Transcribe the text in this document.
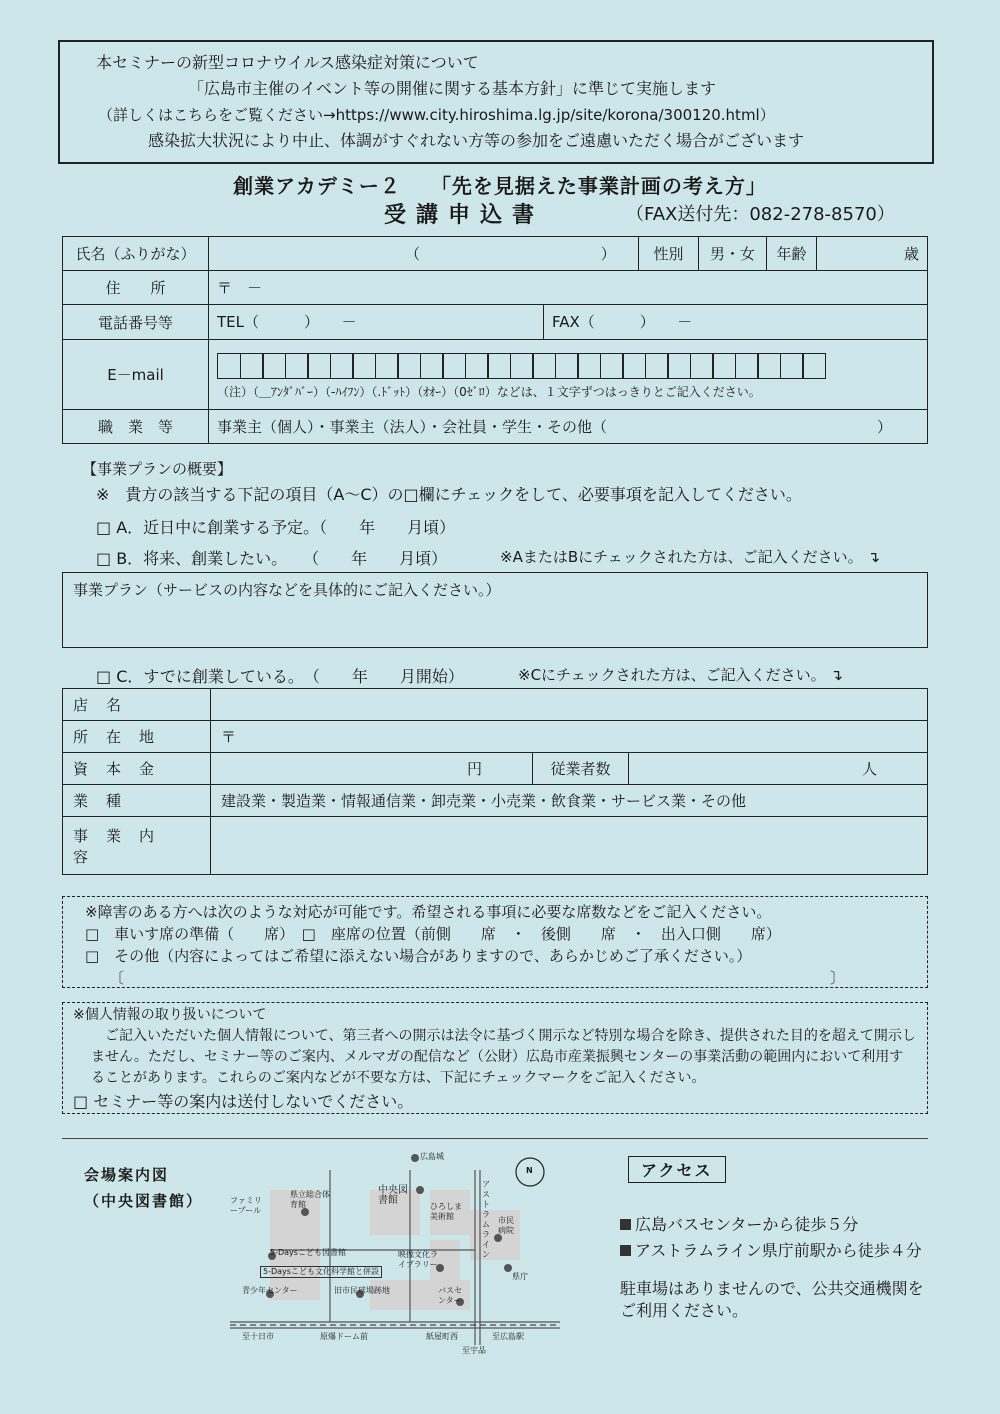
本セミナーの新型コロナウイルス感染症対策について
「広島市主催のイベント等の開催に関する基本方針」に準じて実施します
（詳しくはこちらをご覧ください→https://www.city.hiroshima.lg.jp/site/korona/300120.html）
感染拡大状況により中止、体調がすぐれない方等の参加をご遠慮いただく場合がございます
創業アカデミー２ 「先を見据えた事業計画の考え方」
受講申込書	（FAX送付先：082-278-8570）
氏名（ふりがな）	（ ）	性別	男・女	年齢	歳
住　　所	〒　－				
電話番号等	TEL（　　　）　　－ FAX（　　　）　　－				

E－mail	（注）（＿ｱﾝﾀﾞﾊﾞｰ）（-ﾊｲﾌﾝ）（.ﾄﾞｯﾄ）（ｵｵｰ）（0ｾﾞﾛ）などは、１文字ずつはっきりとご記入ください。				

職　業　等	事業主（個人）・事業主（法人）・会社員・学生・その他（　　　　　　　　　　　　　　　　　　）				
【事業プランの概要】
※　貴方の該当する下記の項目（A～C）の□欄にチェックをして、必要事項を記入してください。
□ A．近日中に創業する予定。（　　年　　月頃）
□ B．将来、創業したい。　　（　　年　　月頃）	※AまたはBにチェックされた方は、ご記入ください。 ↴
事業プラン（サービスの内容などを具体的にご記入ください。）
□ C．すでに創業している。　（　　年　　月開始）	※Cにチェックされた方は、ご記入ください。 ↴
店名			
所在地	〒		
資本金	円	従業者数	人
業種	建設業・製造業・情報通信業・卸売業・小売業・飲食業・サービス業・その他		
事業内容			
※障害のある方へは次のような対応が可能です。希望される事項に必要な席数などをご記入ください。
□　車いす席の準備（　　席）　□　座席の位置（前側　　席　・　後側　　席　・　出入口側　　席）
□　その他（内容によってはご希望に添えない場合がありますので、あらかじめご了承ください。）
〔	〕
※個人情報の取り扱いについて
ご記入いただいた個人情報について、第三者への開示は法令に基づく開示など特別な場合を除き、提供された目的を超えて開示しません。ただし、セミナー等のご案内、メルマガの配信など（公財）広島市産業振興センターの事業活動の範囲内において利用することがあります。これらのご案内などが不要な方は、下記にチェックマークをご記入ください。
□ セミナー等の案内は送付しないでください。
会場案内図
（中央図書館）
広島城
N
ファミリープール
県立総合体育館
中央図書館
ひろしま美術館
アストラムライン
市民病院
5-Daysこども図書館
5-Daysこども文化科学館と併設
映像文化ライブラリー
県庁
青少年センター	旧市民球場跡地	バスセンター
至十日市	原爆ドーム前	紙屋町西	至広島駅
至宇品
アクセス
広島バスセンターから徒歩５分
アストラムライン県庁前駅から徒歩４分
駐車場はありませんので、公共交通機関を
ご利用ください。
